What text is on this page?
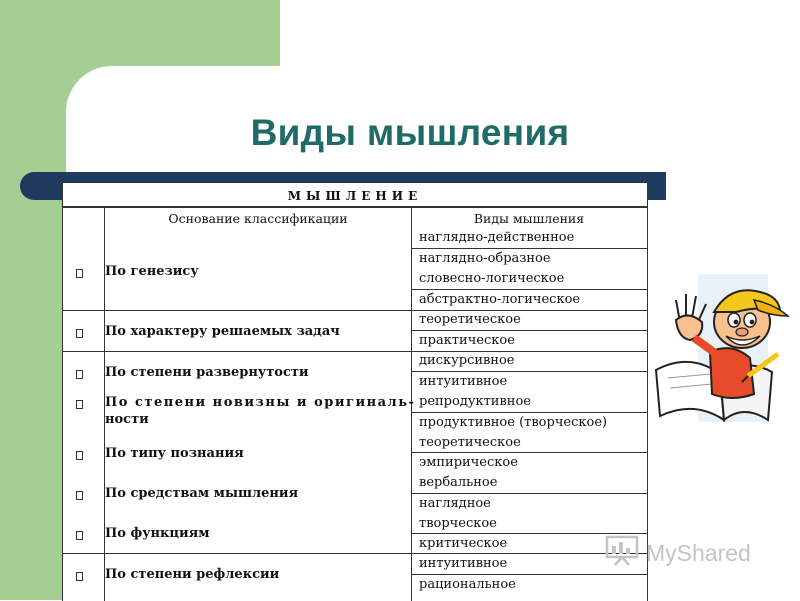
Виды мышления
МЫШЛЕНИЕ
Основание классификации	Виды мышления
По генезису
По характеру решаемых задач
По степени развернутости
По степени новизны и оригиналь-
ности
По типу познания
По средствам мышления
По функциям
По степени рефлексии
наглядно-действенное
наглядно-образное
словесно-логическое
абстрактно-логическое
теоретическое
практическое
дискурсивное
интуитивное
репродуктивное
продуктивное (творческое)
теоретическое
эмпирическое
вербальное
наглядное
творческое
критическое
интуитивное
рациональное
MyShared
